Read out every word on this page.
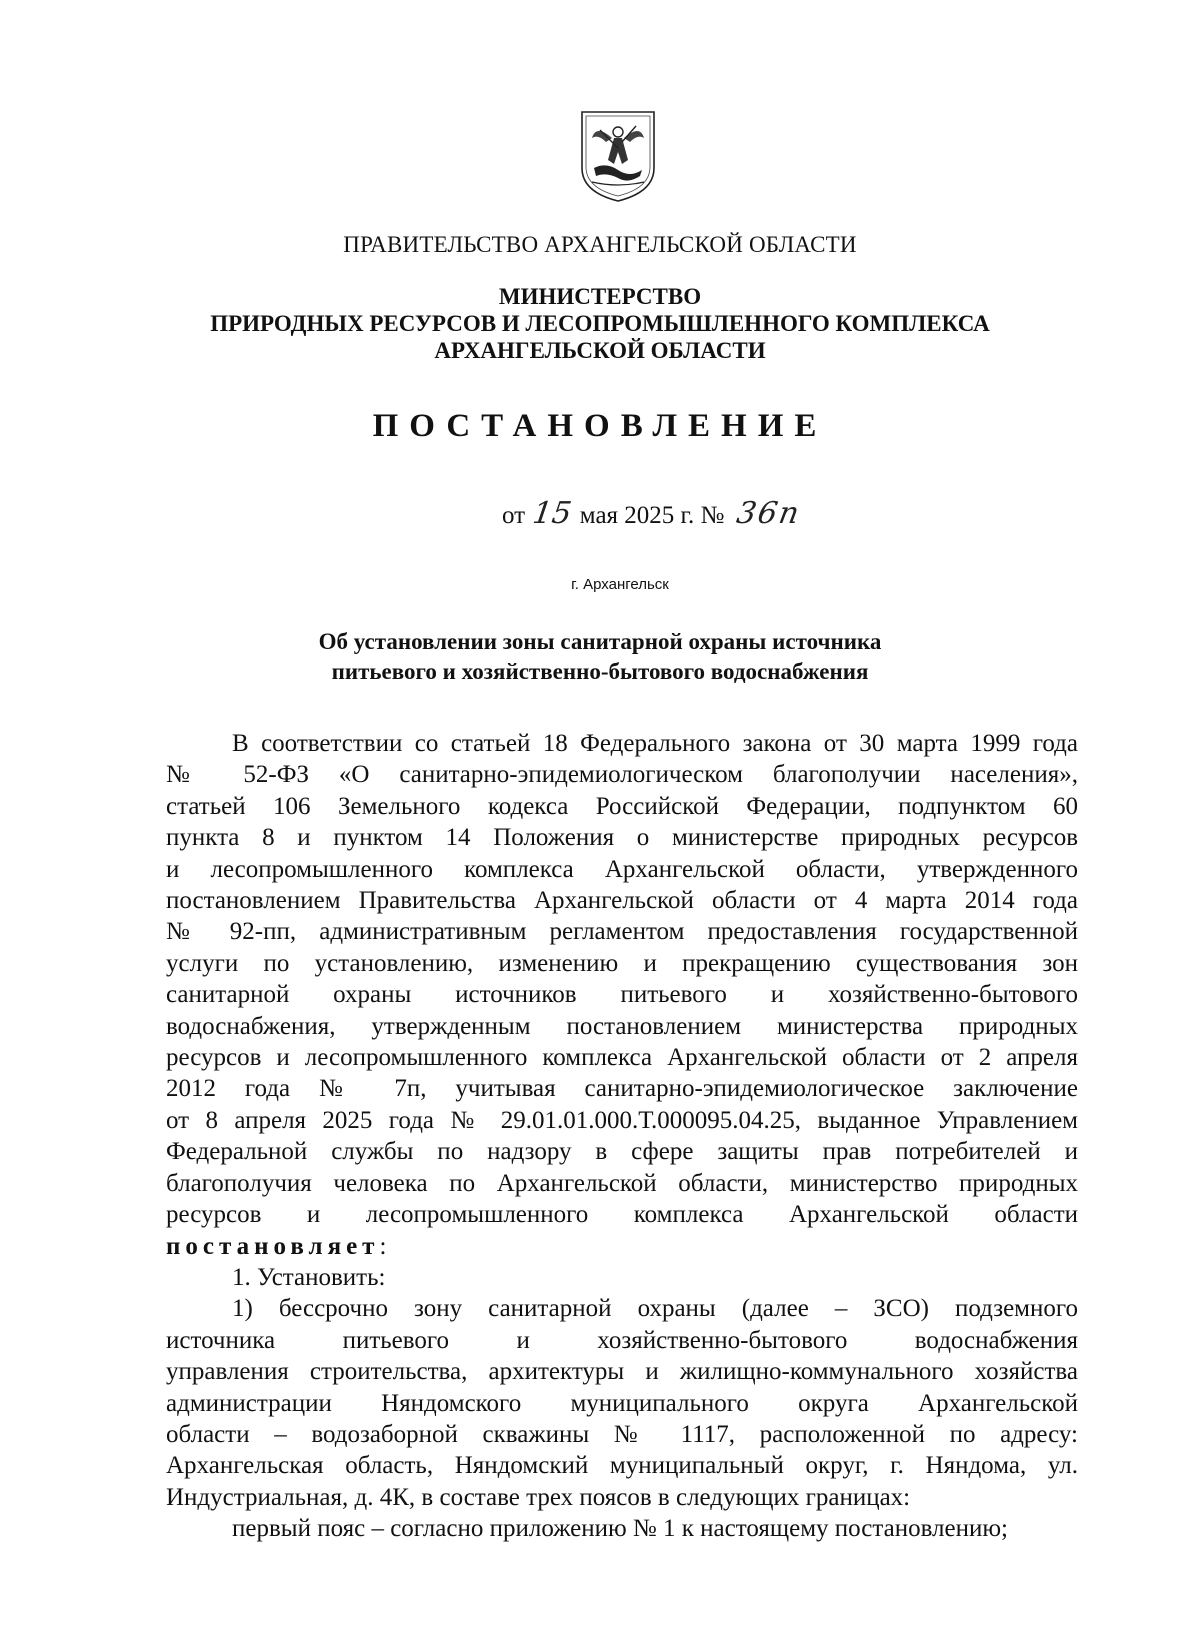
ПРАВИТЕЛЬСТВО АРХАНГЕЛЬСКОЙ ОБЛАСТИ
МИНИСТЕРСТВО
ПРИРОДНЫХ РЕСУРСОВ И ЛЕСОПРОМЫШЛЕННОГО КОМПЛЕКСА
АРХАНГЕЛЬСКОЙ ОБЛАСТИ
ПОСТАНОВЛЕНИЕ
от 15 мая 2025 г. № 36п
г. Архангельск
Об установлении зоны санитарной охраны источника
питьевого и хозяйственно-бытового водоснабжения

В соответствии со статьей 18 Федерального закона от 30 марта 1999 года

№ 52-ФЗ «О санитарно-эпидемиологическом благополучии населения»,

статьей 106 Земельного кодекса Российской Федерации, подпунктом 60

пункта 8 и пунктом 14 Положения о министерстве природных ресурсов

и лесопромышленного комплекса Архангельской области, утвержденного

постановлением Правительства Архангельской области от 4 марта 2014 года

№ 92-пп, административным регламентом предоставления государственной

услуги по установлению, изменению и прекращению существования зон

санитарной охраны источников питьевого и хозяйственно-бытового

водоснабжения, утвержденным постановлением министерства природных

ресурсов и лесопромышленного комплекса Архангельской области от 2 апреля

2012 года № 7п, учитывая санитарно-эпидемиологическое заключение

от 8 апреля 2025 года № 29.01.01.000.Т.000095.04.25, выданное Управлением

Федеральной службы по надзору в сфере защиты прав потребителей и

благополучия человека по Архангельской области, министерство природных

ресурсов и лесопромышленного комплекса Архангельской области

постановляет:

1. Установить:

1) бессрочно зону санитарной охраны (далее – ЗСО) подземного

источника питьевого и хозяйственно-бытового водоснабжения

управления строительства, архитектуры и жилищно-коммунального хозяйства

администрации Няндомского муниципального округа Архангельской

области – водозаборной скважины № 1117, расположенной по адресу:

Архангельская область, Няндомский муниципальный округ, г. Няндома, ул.

Индустриальная, д. 4К, в составе трех поясов в следующих границах:

первый пояс – согласно приложению № 1 к настоящему постановлению;
